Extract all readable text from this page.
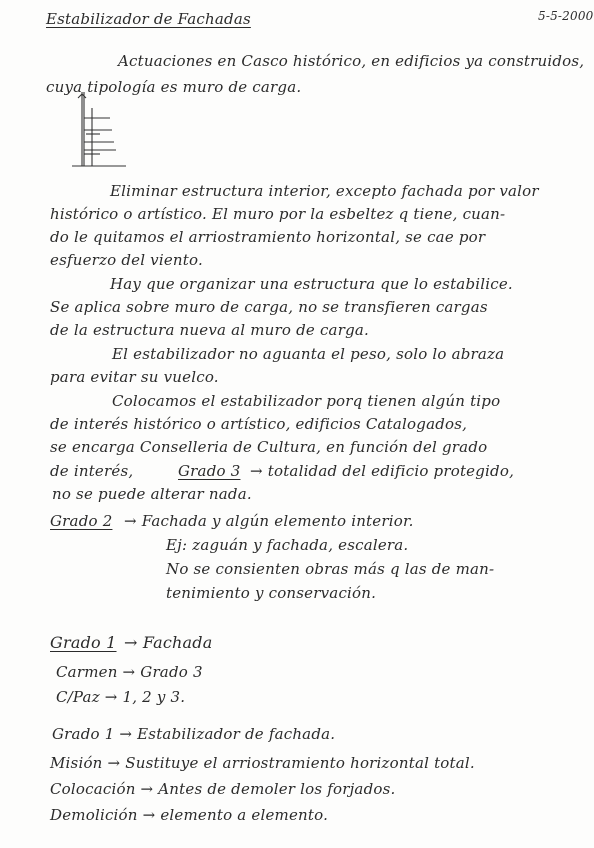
Estabilizador de Fachadas	5-5-2000
Actuaciones en Casco histórico, en edificios ya construidos,
cuya tipología es muro de carga.
Eliminar estructura interior, excepto fachada por valor
histórico o artístico. El muro por la esbeltez q tiene, cuan-
do le quitamos el arriostramiento horizontal, se cae por
esfuerzo del viento.
Hay que organizar una estructura que lo estabilice.
Se aplica sobre muro de carga, no se transfieren cargas
de la estructura nueva al muro de carga.
El estabilizador no aguanta el peso, solo lo abraza
para evitar su vuelco.
Colocamos el estabilizador porq tienen algún tipo
de interés histórico o artístico, edificios Catalogados,
se encarga Conselleria de Cultura, en función del grado
de interés,	Grado 3 → totalidad del edificio protegido,
no se puede alterar nada.
Grado 2 → Fachada y algún elemento interior.
Ej: zaguán y fachada, escalera.
No se consienten obras más q las de man-
tenimiento y conservación.
Grado 1 → Fachada
Carmen → Grado 3
C/Paz → 1, 2 y 3.
Grado 1 → Estabilizador de fachada.
Misión → Sustituye el arriostramiento horizontal total.
Colocación → Antes de demoler los forjados.
Demolición → elemento a elemento.
